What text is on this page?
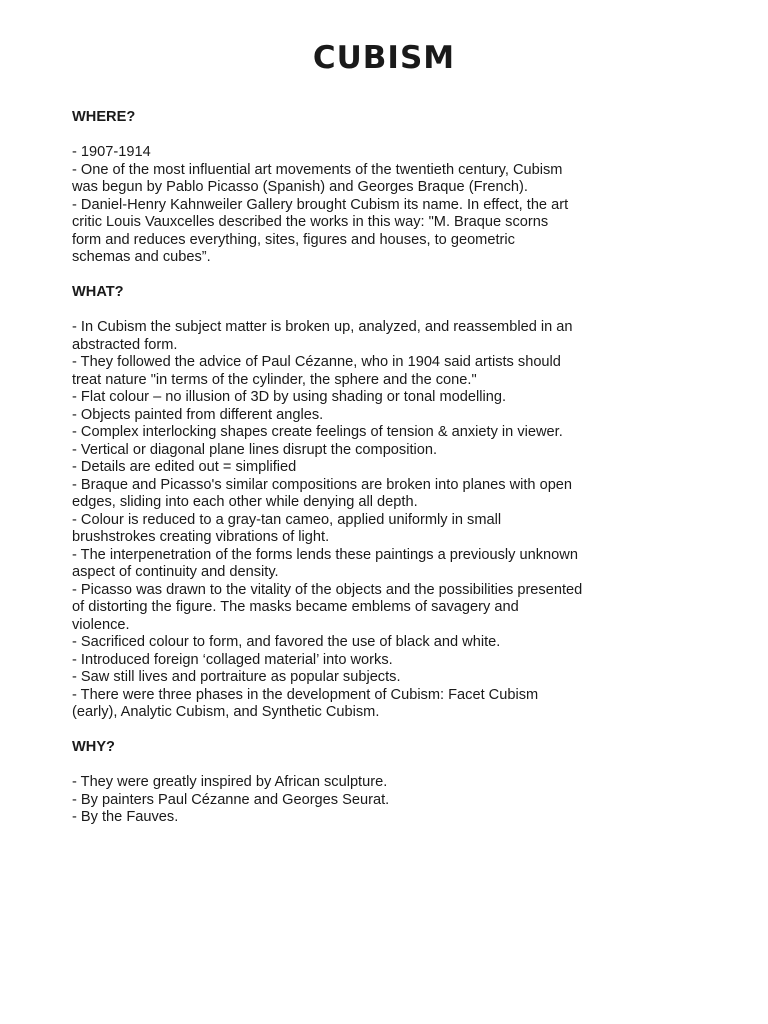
CUBISM

WHERE?

- 1907-1914

- One of the most influential art movements of the twentieth century, Cubism

was begun by Pablo Picasso (Spanish) and Georges Braque (French).

- Daniel-Henry Kahnweiler Gallery brought Cubism its name. In effect, the art

critic Louis Vauxcelles described the works in this way: "M. Braque scorns

form and reduces everything, sites, figures and houses, to geometric

schemas and cubes”.

WHAT?

- In Cubism the subject matter is broken up, analyzed, and reassembled in an

abstracted form.

- They followed the advice of Paul Cézanne, who in 1904 said artists should

treat nature "in terms of the cylinder, the sphere and the cone."

- Flat colour – no illusion of 3D by using shading or tonal modelling.

- Objects painted from different angles.

- Complex interlocking shapes create feelings of tension & anxiety in viewer.

- Vertical or diagonal plane lines disrupt the composition.

- Details are edited out = simplified

- Braque and Picasso's similar compositions are broken into planes with open

edges, sliding into each other while denying all depth.

- Colour is reduced to a gray-tan cameo, applied uniformly in small

brushstrokes creating vibrations of light.

- The interpenetration of the forms lends these paintings a previously unknown

aspect of continuity and density.

- Picasso was drawn to the vitality of the objects and the possibilities presented

of distorting the figure. The masks became emblems of savagery and

violence.

- Sacrificed colour to form, and favored the use of black and white.

- Introduced foreign ‘collaged material’ into works.

- Saw still lives and portraiture as popular subjects.

- There were three phases in the development of Cubism: Facet Cubism

(early), Analytic Cubism, and Synthetic Cubism.

WHY?

- They were greatly inspired by African sculpture.

- By painters Paul Cézanne and Georges Seurat.

- By the Fauves.
